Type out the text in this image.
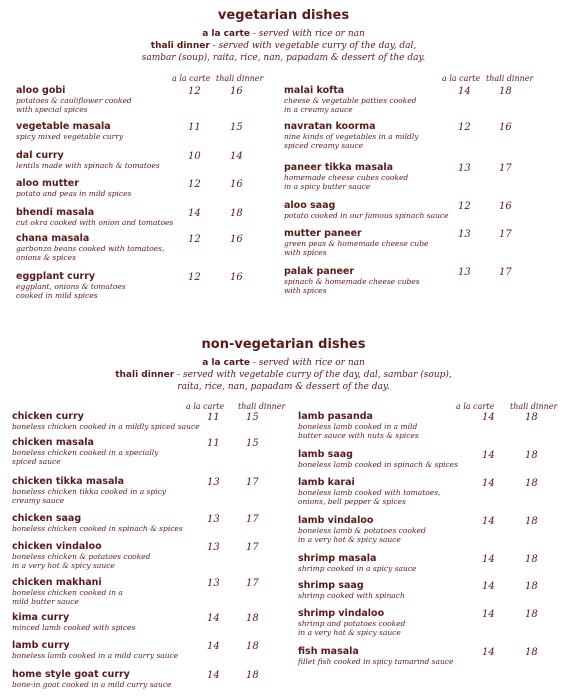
vegetarian dishes
a la carte - served with rice or nan
thali dinner - served with vegetable curry of the day, dal,
sambar (soup), raita, rice, nan, papadam & dessert of the day.
a la carte thali dinner	a la carte thali dinner
aloo gobi
potatoes & cauliflower cooked
with special spices
12	16
vegetable masala
spicy mixed vegetable curry
11	15
dal curry
lentils made with spinach & tomatoes
10	14
aloo mutter
potato and peas in mild spices
12	16
bhendi masala
cut okra cooked with onion and tomatoes
14	18
chana masala
garbonzo beans cooked with tomatoes,
onions & spices
12	16
eggplant curry
eggplant, onions & tomatoes
cooked in mild spices
12	16
malai kofta
cheese & vegetable patties cooked
in a creamy sauce
14	18
navratan koorma
nine kinds of vegetables in a mildly
spiced creamy sauce
12	16
paneer tikka masala
homemade cheese cubes cooked
in a spicy butter sauce
13	17
aloo saag
potato cooked in our famous spinach sauce
12	16
mutter paneer
green peas & homemade cheese cube
with spices
13	17
palak paneer
spinach & homemade cheese cubes
with spices
13	17
non-vegetarian dishes
a la carte - served with rice or nan
thali dinner - served with vegetable curry of the day, dal, sambar (soup),
raita, rice, nan, papadam & dessert of the day.
a la carte thali dinner	a la carte thali dinner
chicken curry
boneless chicken cooked in a mildly spiced sauce
11	15
chicken masala
boneless chicken cooked in a specially
spiced sauce
11	15
chicken tikka masala
boneless chicken tikka cooked in a spicy
creamy sauce
13	17
chicken saag
boneless chicken cooked in spinach & spices
13	17
chicken vindaloo
boneless chicken & potatoes cooked
in a very hot & spicy sauce
13	17
chicken makhani
boneless chicken cooked in a
mild butter sauce
13	17
kima curry
minced lamb cooked with spices
14	18
lamb curry
boneless lamb cooked in a mild curry sauce
14	18
home style goat curry
bone-in goat cooked in a mild curry sauce
14	18
lamb pasanda
boneless lamb cooked in a mild
butter sauce with nuts & spices
14	18
lamb saag
boneless lamb cooked in spinach & spices
14	18
lamb karai
boneless lamb cooked with tomatoes,
onions, bell pepper & spices
14	18
lamb vindaloo
boneless lamb & potatoes cooked
in a very hot & spicy sauce
14	18
shrimp masala
shrimp cooked in a spicy sauce
14	18
shrimp saag
shrimp cooked with spinach
14	18
shrimp vindaloo
shrimp and potatoes cooked
in a very hot & spicy sauce
14	18
fish masala
fillet fish cooked in spicy tamarind sauce
14	18
